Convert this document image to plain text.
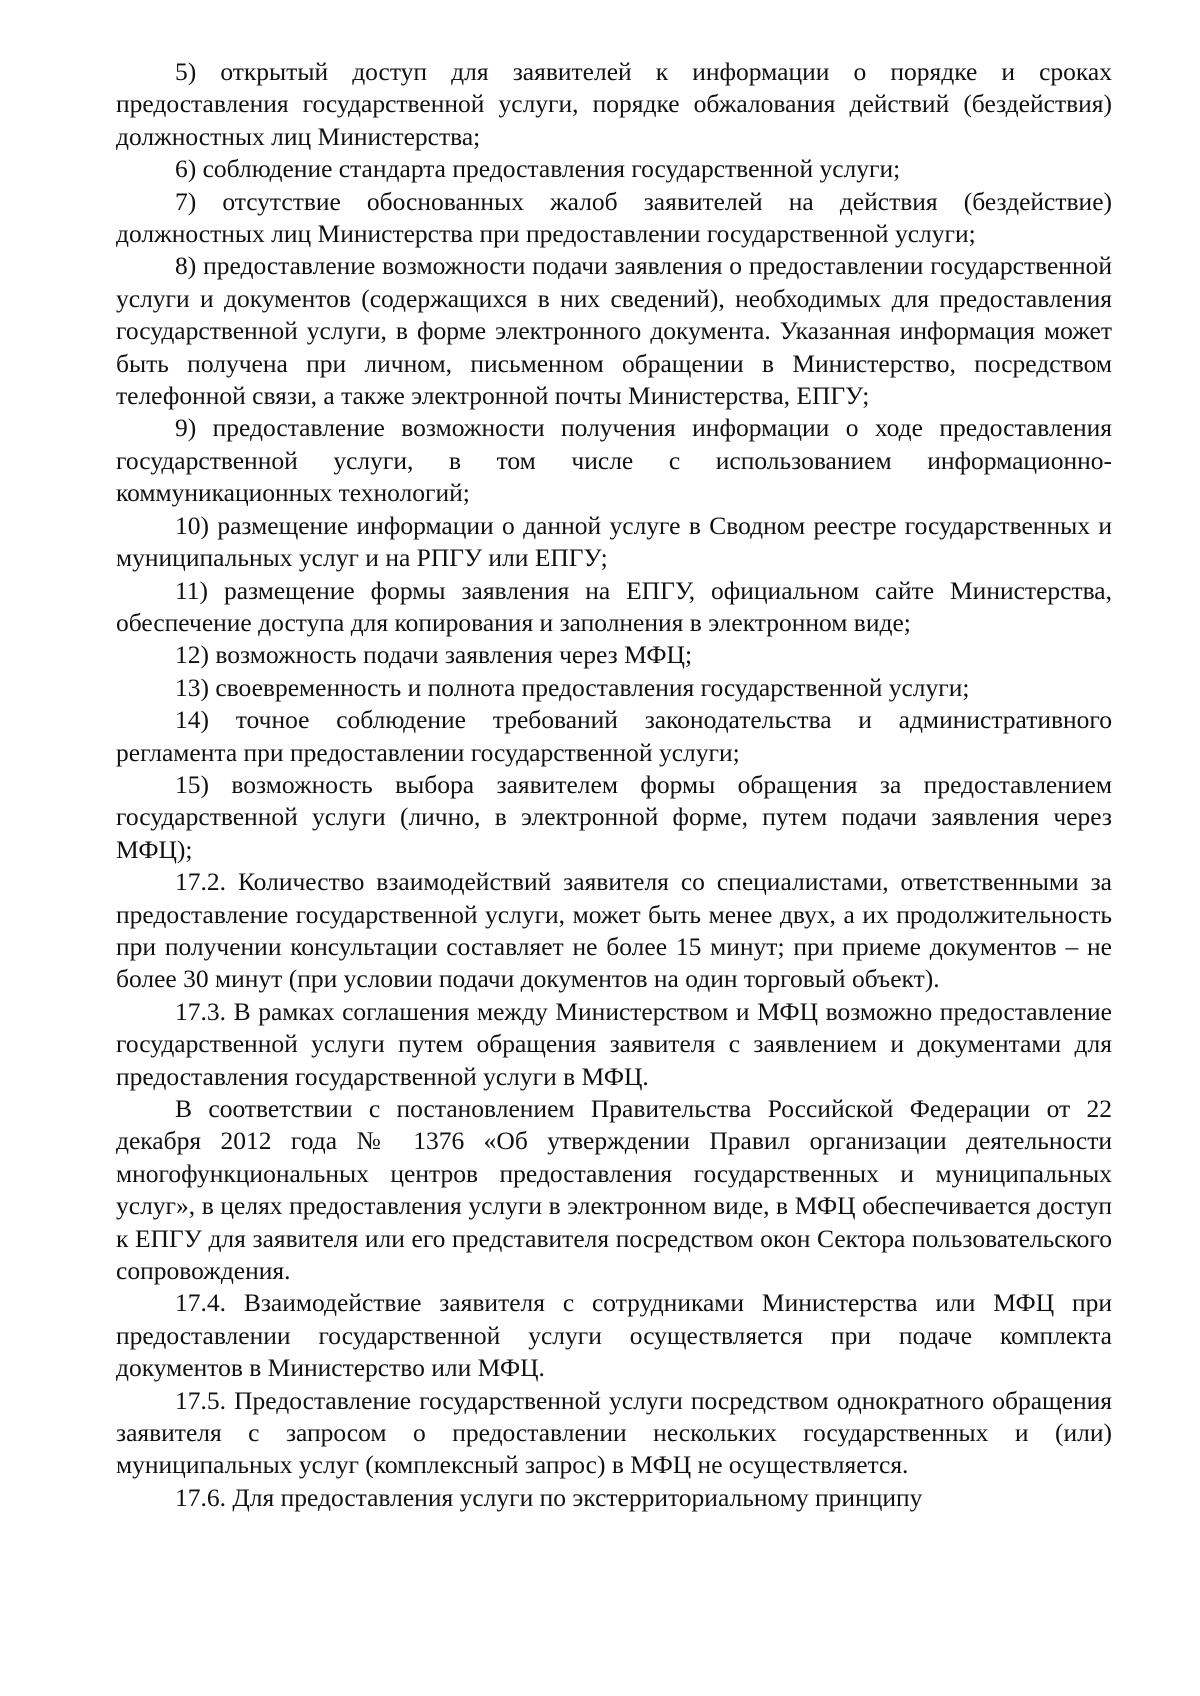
5) открытый доступ для заявителей к информации о порядке и сроках предоставления государственной услуги, порядке обжалования действий (бездействия) должностных лиц Министерства;

6) соблюдение стандарта предоставления государственной услуги;

7) отсутствие обоснованных жалоб заявителей на действия (бездействие) должностных лиц Министерства при предоставлении государственной услуги;

8) предоставление возможности подачи заявления о предоставлении государственной услуги и документов (содержащихся в них сведений), необходимых для предоставления государственной услуги, в форме электронного документа. Указанная информация может быть получена при личном, письменном обращении в Министерство, посредством телефонной связи, а также электронной почты Министерства, ЕПГУ;

9) предоставление возможности получения информации о ходе предоставления государственной услуги, в том числе с использованием информационно-коммуникационных технологий;

10) размещение информации о данной услуге в Сводном реестре государственных и муниципальных услуг и на РПГУ или ЕПГУ;

11) размещение формы заявления на ЕПГУ, официальном сайте Министерства, обеспечение доступа для копирования и заполнения в электронном виде;

12) возможность подачи заявления через МФЦ;

13) своевременность и полнота предоставления государственной услуги;

14) точное соблюдение требований законодательства и административного регламента при предоставлении государственной услуги;

15) возможность выбора заявителем формы обращения за предоставлением государственной услуги (лично, в электронной форме, путем подачи заявления через МФЦ);

17.2. Количество взаимодействий заявителя со специалистами, ответственными за предоставление государственной услуги, может быть менее двух, а их продолжительность при получении консультации составляет не более 15 минут; при приеме документов – не более 30 минут (при условии подачи документов на один торговый объект).

17.3. В рамках соглашения между Министерством и МФЦ возможно предоставление государственной услуги путем обращения заявителя с заявлением и документами для предоставления государственной услуги в МФЦ.

В соответствии с постановлением Правительства Российской Федерации от 22 декабря 2012 года № 1376 «Об утверждении Правил организации деятельности многофункциональных центров предоставления государственных и муниципальных услуг», в целях предоставления услуги в электронном виде, в МФЦ обеспечивается доступ к ЕПГУ для заявителя или его представителя посредством окон Сектора пользовательского сопровождения.

17.4. Взаимодействие заявителя с сотрудниками Министерства или МФЦ при предоставлении государственной услуги осуществляется при подаче комплекта документов в Министерство или МФЦ.

17.5. Предоставление государственной услуги посредством однократного обращения заявителя с запросом о предоставлении нескольких государственных и (или) муниципальных услуг (комплексный запрос) в МФЦ не осуществляется.

17.6. Для предоставления услуги по экстерриториальному принципу
